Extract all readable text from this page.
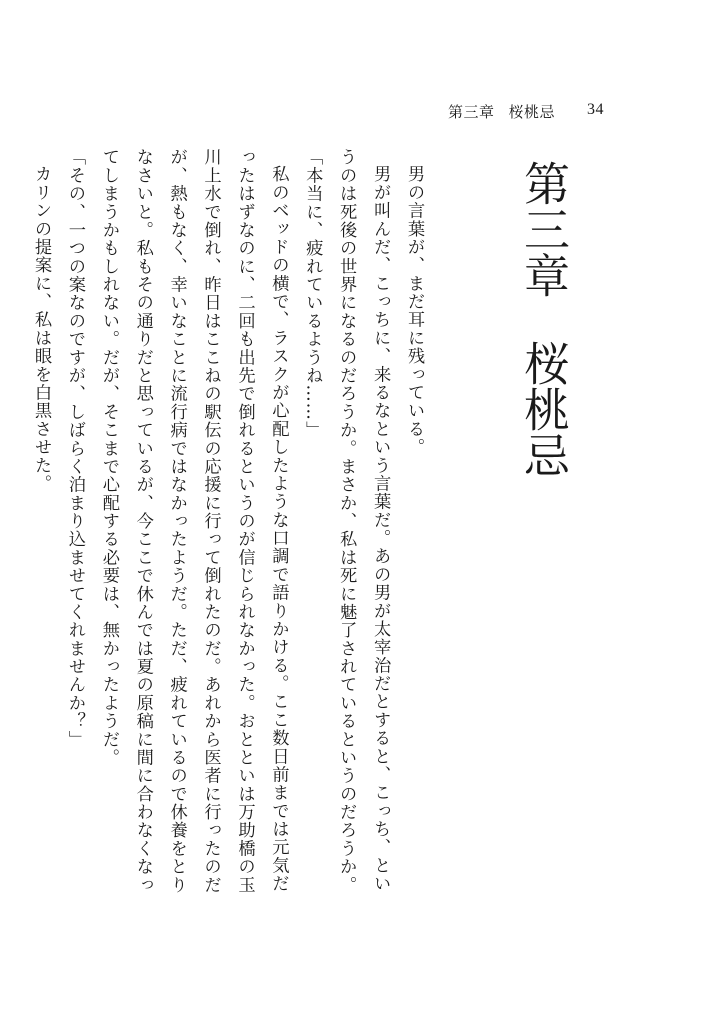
第三章 桜桃忌 34
第三章桜桃忌

男の言葉が、まだ耳に残っている。

男が叫んだ、こっちに、来るなという言葉だ。あの男が太宰治だとすると、こっち、というのは死後の世界になるのだろうか。まさか、私は死に魅了されているというのだろうか。

「本当に、疲れているようね……」

私のベッドの横で、ラスクが心配したような口調で語りかける。ここ数日前までは元気だったはずなのに、二回も出先で倒れるというのが信じられなかった。おとといは万助橋の玉川上水で倒れ、昨日はここねの駅伝の応援に行って倒れたのだ。あれから医者に行ったのだが、熱もなく、幸いなことに流行病ではなかったようだ。ただ、疲れているので休養をとりなさいと。私もその通りだと思っているが、今ここで休んでは夏の原稿に間に合わなくなってしまうかもしれない。だが、そこまで心配する必要は、無かったようだ。

「その、一つの案なのですが、しばらく泊まり込ませてくれませんか？」

カリンの提案に、私は眼を白黒させた。
